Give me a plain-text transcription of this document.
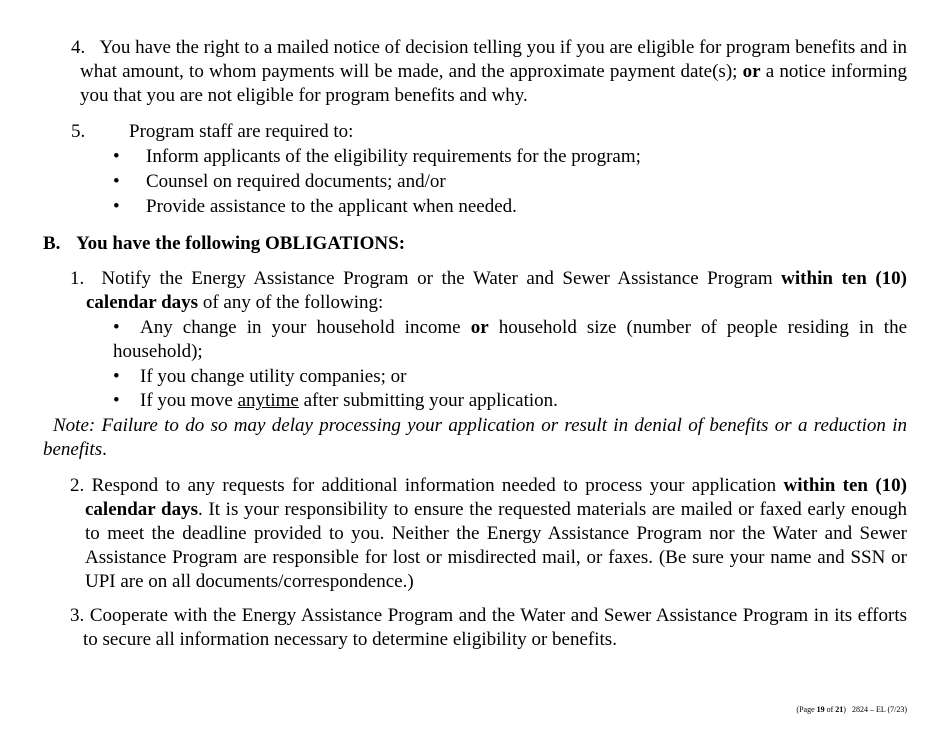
4. You have the right to a mailed notice of decision telling you if you are eligible for program benefits and in what amount, to whom payments will be made, and the approximate payment date(s); or a notice informing you that you are not eligible for program benefits and why.
5. Program staff are required to:
•	Inform applicants of the eligibility requirements for the program;
•	Counsel on required documents; and/or
•	Provide assistance to the applicant when needed.
B. You have the following OBLIGATIONS:
1. Notify the Energy Assistance Program or the Water and Sewer Assistance Program within ten (10) calendar days of any of the following:
• Any change in your household income or household size (number of people residing in the household);
• If you change utility companies; or
• If you move anytime after submitting your application.
Note: Failure to do so may delay processing your application or result in denial of benefits or a reduction in benefits.
2. Respond to any requests for additional information needed to process your application within ten (10) calendar days. It is your responsibility to ensure the requested materials are mailed or faxed early enough to meet the deadline provided to you. Neither the Energy Assistance Program nor the Water and Sewer Assistance Program are responsible for lost or misdirected mail, or faxes. (Be sure your name and SSN or UPI are on all documents/correspondence.)
3. Cooperate with the Energy Assistance Program and the Water and Sewer Assistance Program in its efforts to secure all information necessary to determine eligibility or benefits.
(Page 19 of 21) 2824 – EL (7/23)
